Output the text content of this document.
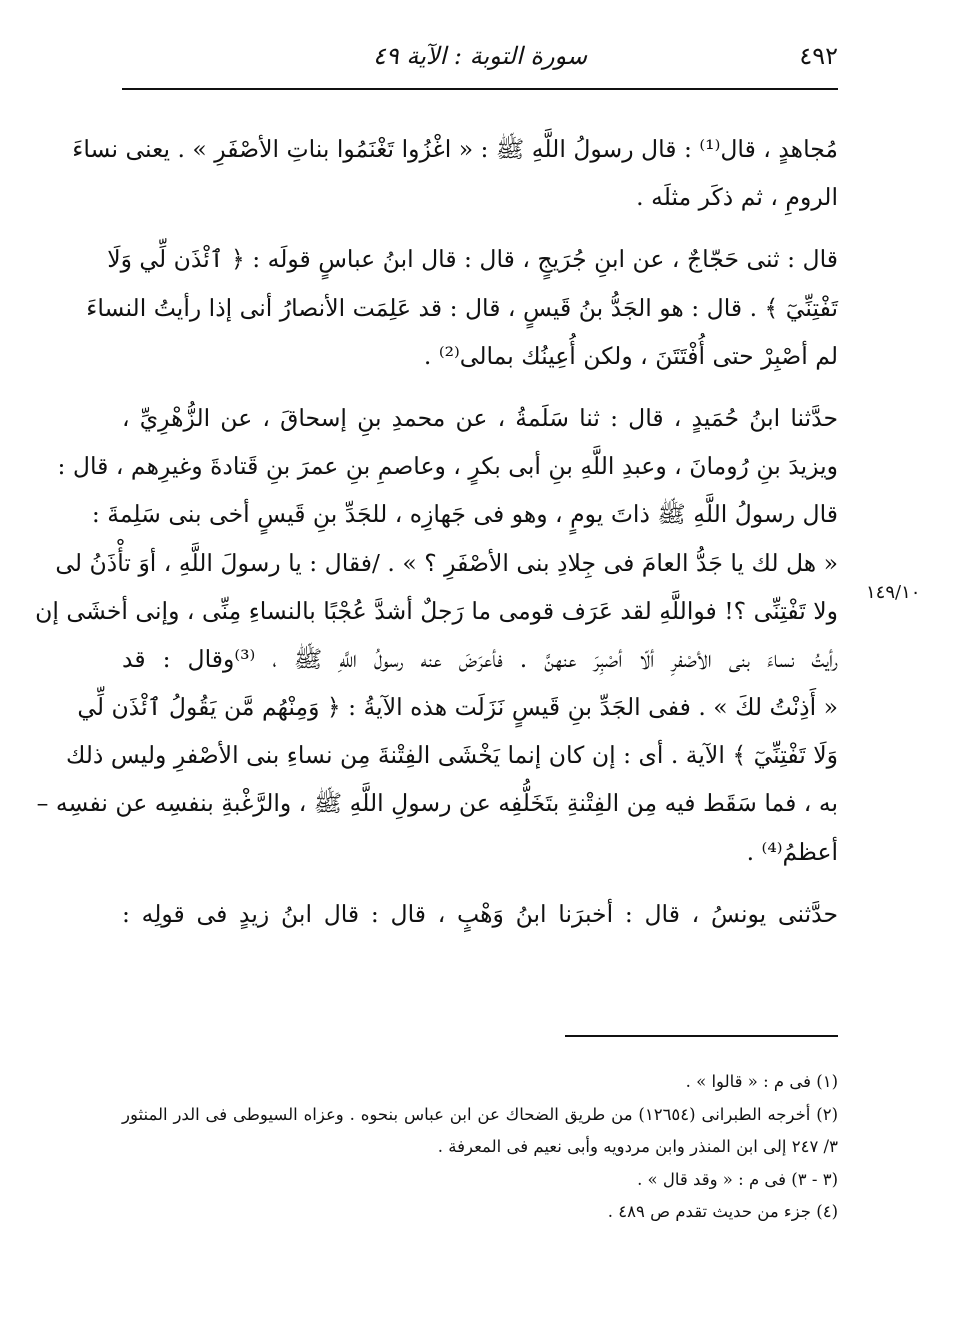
٤٩٢
سورة التوبة : الآية ٤٩
مُجاهدٍ ، قال⁽¹⁾ : قال رسولُ اللَّهِ ﷺ : « اغْزُوا تَغْنَمُوا بناتِ الأصْفَرِ » . يعنى نساءَ
الرومِ ، ثم ذكَر مثلَه .
قال : ثنى حَجّاجٌ ، عن ابنِ جُرَيجٍ ، قال : قال ابنُ عباسٍ قولَه : ﴿ ٱئْذَن لِّي وَلَا
تَفْتِنِّيٓ ﴾ . قال : هو الجَدُّ بنُ قَيسٍ ، قال : قد عَلِمَت الأنصارُ أنى إذا رأيتُ النساءَ
لم أصْبِرْ حتى أُفْتَتَنَ ، ولكن أُعِينُك بمالى⁽²⁾ .
حدَّثنا ابنُ حُمَيدٍ ، قال : ثنا سَلَمةُ ، عن محمدِ بنِ إسحاقَ ، عن الزُّهْرِيِّ ،
ويزيدَ بنِ رُومانَ ، وعبدِ اللَّهِ بنِ أبى بكرٍ ، وعاصمِ بنِ عمرَ بنِ قَتادةَ وغيرِهم ، قال :
قال رسولُ اللَّهِ ﷺ ذاتَ يومٍ ، وهو فى جَهازِه ، للجَدِّ بنِ قَيسٍ أخى بنى سَلِمةَ :
« هل لك يا جَدُّ العامَ فى جِلادِ بنى الأصْفَرِ ؟ » . /فقال : يا رسولَ اللَّهِ ، أوَ تأْذَنُ لى
ولا تَفْتِنِّى ؟! فواللَّهِ لقد عَرَف قومى ما رَجلٌ أشدَّ عُجْبًا بالنساءِ مِنِّى ، وإنى أخشَى إن
رأيتُ نساءَ بنى الأصْفرِ ألّا أصْبِرَ عنهنَّ . فأعرَضَ عنه رسولُ اللَّهِ ﷺ ، ⁽³⁾وقال : قد
« أَذِنْتُ لكَ » . ففى الجَدِّ بنِ قَيسٍ نَزَلَت هذه الآيةُ : ﴿ وَمِنْهُم مَّن يَقُولُ ٱئْذَن لِّي
وَلَا تَفْتِنِّيٓ ﴾ الآية . أى : إن كان إنما يَخْشَى الفِتْنةَ مِن نساءِ بنى الأصْفرِ وليس ذلك
به ، فما سَقَط فيه مِن الفِتْنةِ بتَخَلُّفِه عن رسولِ اللَّهِ ﷺ ، والرَّغْبةِ بنفسِه عن نفسِه –
أعظمُ⁽⁴⁾ .
حدَّثنى يونسُ ، قال : أخبرَنا ابنُ وَهْبٍ ، قال : قال ابنُ زيدٍ فى قولِه :
١٤٩/١٠
(١) فى م : « قالوا » .
(٢) أخرجه الطبرانى (١٢٦٥٤) من طريق الضحاك عن ابن عباس بنحوه . وعزاه السيوطى فى الدر المنثور
٣/ ٢٤٧ إلى ابن المنذر وابن مردويه وأبى نعيم فى المعرفة .
(٣ - ٣) فى م : « وقد قال » .
(٤) جزء من حديث تقدم ص ٤٨٩ .
